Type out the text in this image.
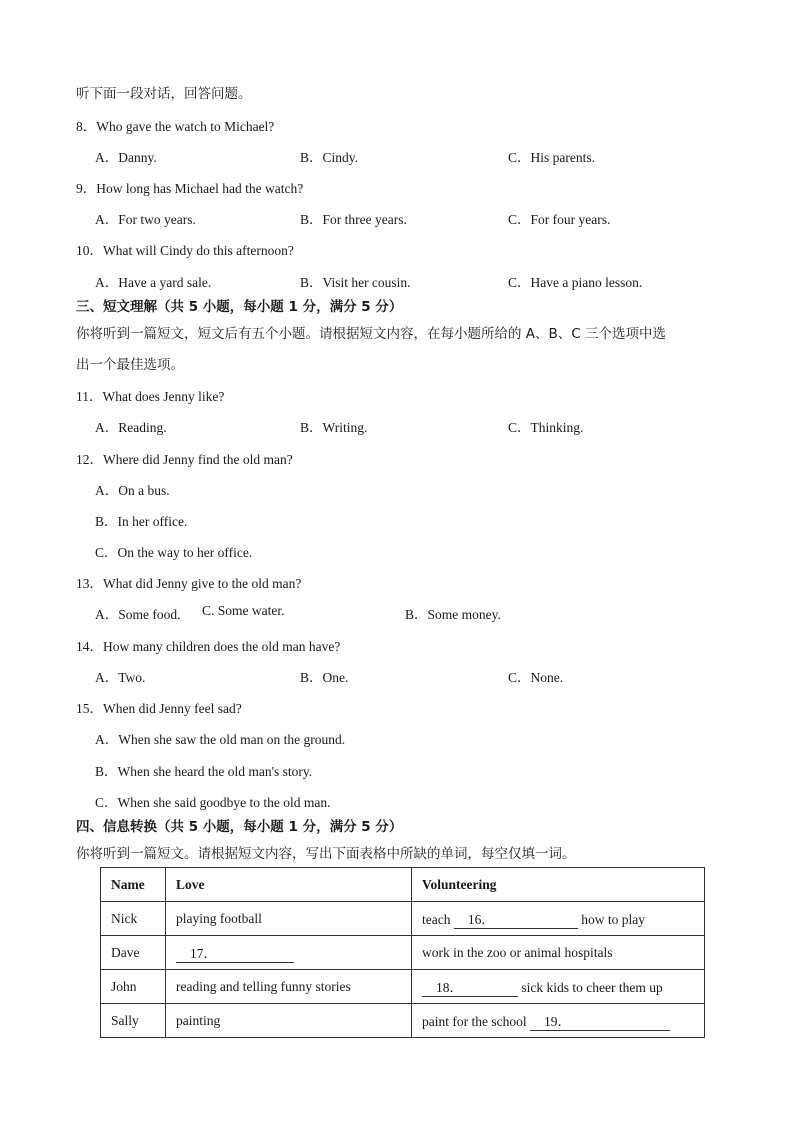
听下面一段对话，回答问题。
8．Who gave the watch to Michael?
A．Danny.	B．Cindy.	C．His parents.
9．How long has Michael had the watch?
A．For two years.	B．For three years.	C．For four years.
10．What will Cindy do this afternoon?
A．Have a yard sale.	B．Visit her cousin.	C．Have a piano lesson.
三、短文理解（共 5 小题，每小题 1 分，满分 5 分）
你将听到一篇短文，短文后有五个小题。请根据短文内容，在每小题所给的 A、B、C 三个选项中选
出一个最佳选项。
11．What does Jenny like?
A．Reading.	B．Writing.	C．Thinking.
12．Where did Jenny find the old man?
A．On a bus.
B．In her office.
C．On the way to her office.
13．What did Jenny give to the old man?
A．Some food. C. Some water.	B．Some money.
14．How many children does the old man have?
A．Two.	B．One.	C．None.
15．When did Jenny feel sad?
A．When she saw the old man on the ground.
B．When she heard the old man's story.
C．When she said goodbye to the old man.
四、信息转换（共 5 小题，每小题 1 分，满分 5 分）
你将听到一篇短文。请根据短文内容，写出下面表格中所缺的单词，每空仅填一词。
Name	Love	Volunteering
Nick	playing football	teach 16． how to play
Dave	17．	work in the zoo or animal hospitals
John	reading and telling funny stories	18． sick kids to cheer them up
Sally	painting	paint for the school 19．
